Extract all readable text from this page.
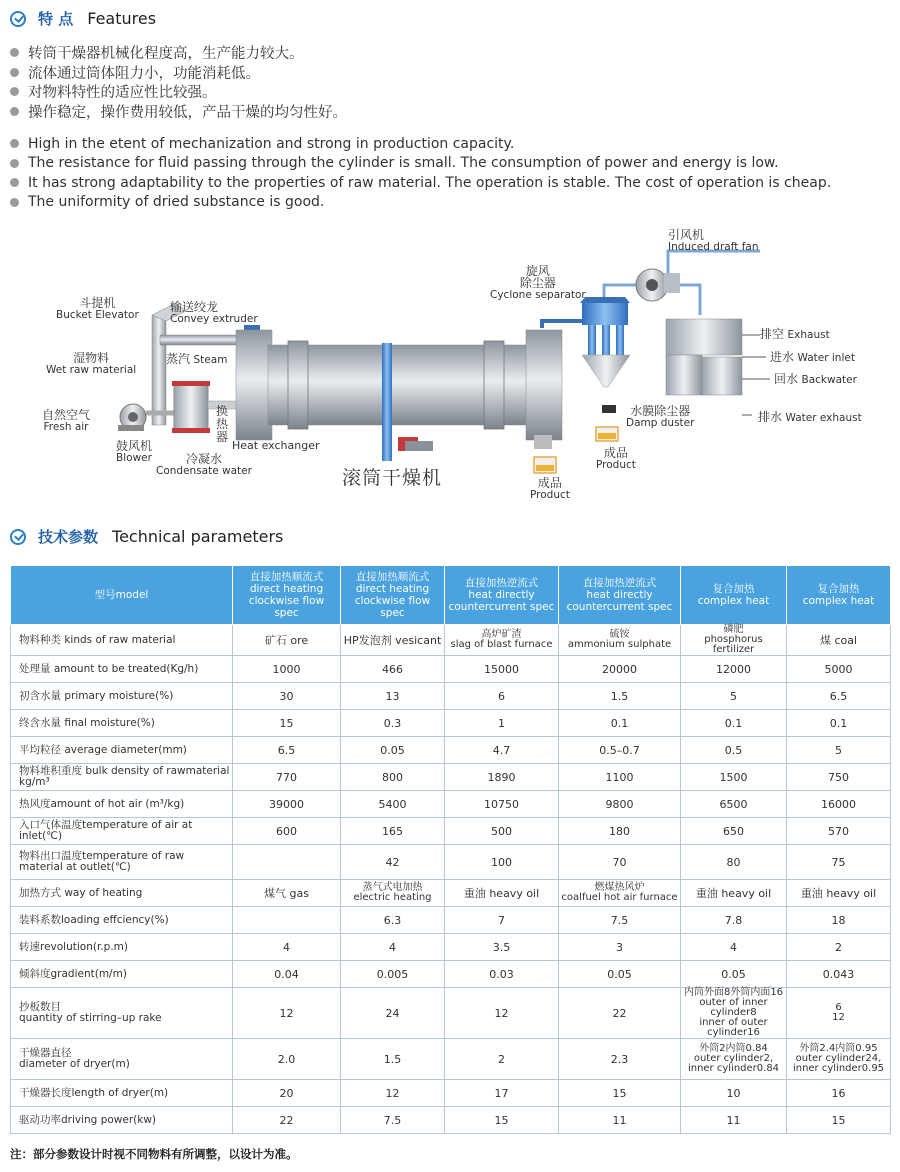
特 点 Features
转筒干燥器机械化程度高，生产能力较大。
流体通过筒体阻力小，功能消耗低。
对物料特性的适应性比较强。
操作稳定，操作费用较低，产品干燥的均匀性好。
High in the etent of mechanization and strong in production capacity.
The resistance for fluid passing through the cylinder is small. The consumption of power and energy is low.
It has strong adaptability to the properties of raw material. The operation is stable. The cost of operation is cheap.
The uniformity of dried substance is good.
斗提机
Bucket Elevator
输送绞龙
Convey extruder
湿物料
Wet raw material
蒸汽 Steam
自然空气
Fresh air
鼓风机
Blower	冷凝水
Condensate water
换热器
Heat exchanger
滚筒干燥机	成品
Product
旋风
除尘器
Cyclone separator
成品
Product
水膜除尘器
Damp duster
引风机
Induced draft fan
排空 Exhaust
进水 Water inlet
回水 Backwater
排水 Water exhaust
技术参数 Technical parameters
型号model	直接加热顺流式
direct heating
clockwise flow spec	直接加热顺流式
direct heating
clockwise flow spec	直接加热逆流式
heat directly
countercurrent spec	直接加热逆流式
heat directly
countercurrent spec	复合加热
complex heat	复合加热
complex heat
物料种类 kinds of raw material	矿石 ore	HP发泡剂 vesicant	高炉矿渣
slag of blast furnace	硫铵
ammonium sulphate	磷肥
phosphorus fertilizer	煤 coal
处理量 amount to be treated(Kg/h)	1000	466	15000	20000	12000	5000
初含水量 primary moisture(%)	30	13	6	1.5	5	6.5
终含水量 final moisture(%)	15	0.3	1	0.1	0.1	0.1
平均粒径 average diameter(mm)	6.5	0.05	4.7	0.5–0.7	0.5	5
物料堆积重度 bulk density of rawmaterial kg/m³	770	800	1890	1100	1500	750
热风度amount of hot air (m³/kg)	39000	5400	10750	9800	6500	16000
入口气体温度temperature of air at inlet(℃)	600	165	500	180	650	570
物料出口温度temperature of raw
material at outlet(℃)		42	100	70	80	75
加热方式 way of heating	煤气 gas	蒸气式电加热
electric heating	重油 heavy oil	燃煤热风炉
coalfuel hot air furnace	重油 heavy oil	重油 heavy oil
装料系数loading effciency(%)		6.3	7	7.5	7.8	18
转速revolution(r.p.m)	4	4	3.5	3	4	2
倾斜度gradient(m/m)	0.04	0.005	0.03	0.05	0.05	0.043
抄板数目
quantity of stirring–up rake	12	24	12	22	内筒外面8外筒内面16
outer of inner cylinder8
inner of outer cylinder16	6
12
干燥器直径
diameter of dryer(m)	2.0	1.5	2	2.3	外筒2内筒0.84
outer cylinder2,
inner cylinder0.84	外筒2.4内筒0.95
outer cylinder24,
inner cylinder0.95
干燥器长度length of dryer(m)	20	12	17	15	10	16
驱动功率driving power(kw)	22	7.5	15	11	11	15
注：部分参数设计时视不同物料有所调整，以设计为准。
